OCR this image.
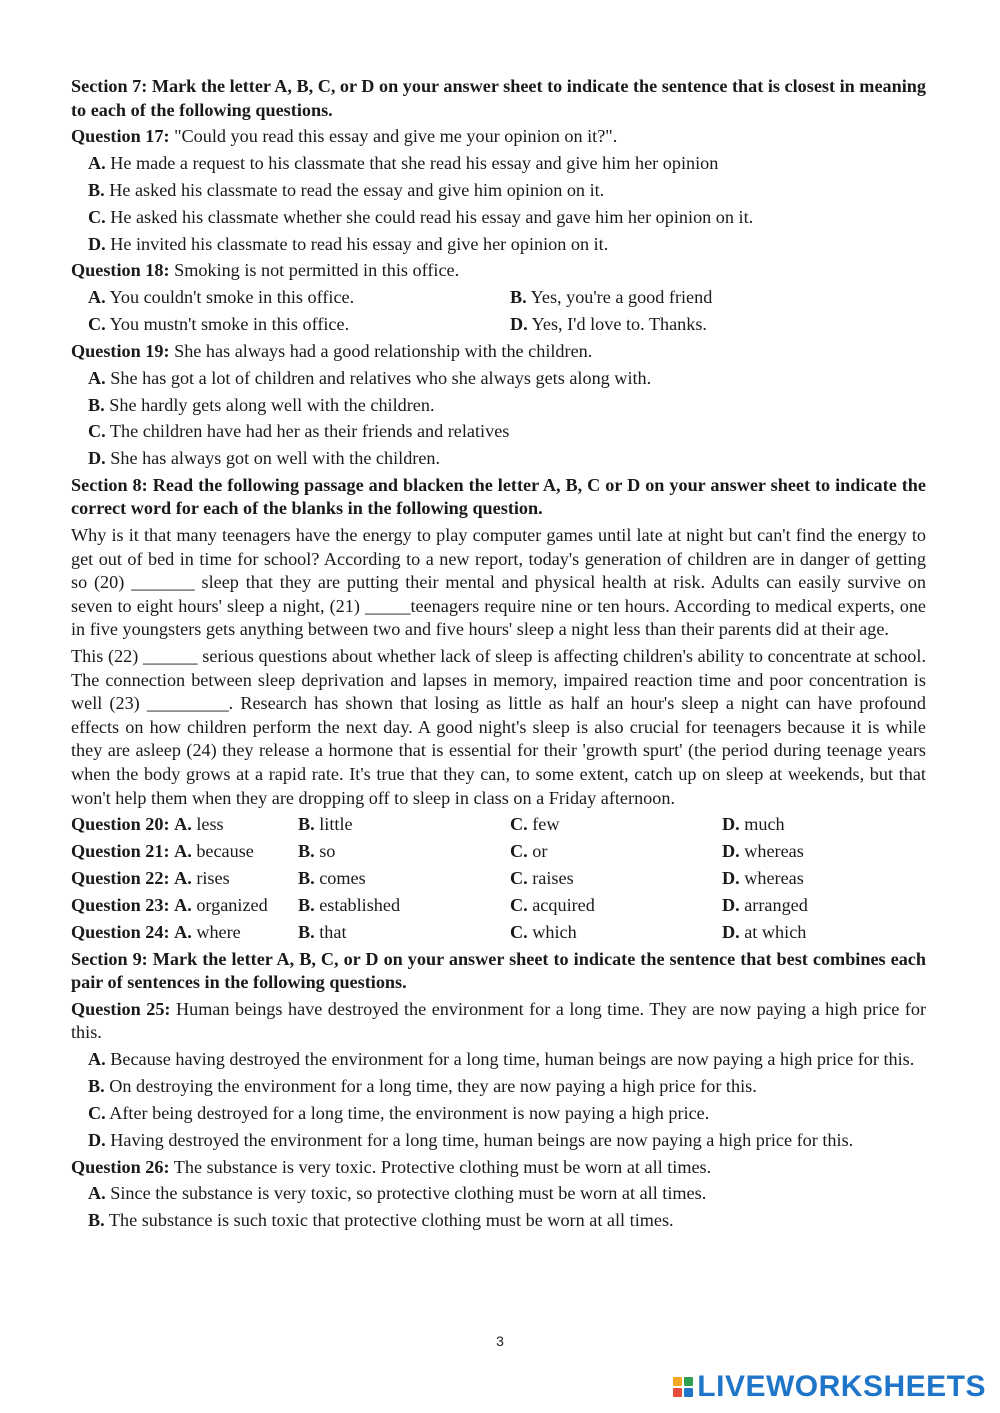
Section 7: Mark the letter A, B, C, or D on your answer sheet to indicate the sentence that is closest in meaning to each of the following questions.
Question 17: "Could you read this essay and give me your opinion on it?".
A. He made a request to his classmate that she read his essay and give him her opinion
B. He asked his classmate to read the essay and give him opinion on it.
C. He asked his classmate whether she could read his essay and gave him her opinion on it.
D. He invited his classmate to read his essay and give her opinion on it.
Question 18: Smoking is not permitted in this office.
A. You couldn't smoke in this office.	B. Yes, you're a good friend
C. You mustn't smoke in this office.	D. Yes, I'd love to. Thanks.
Question 19: She has always had a good relationship with the children.
A. She has got a lot of children and relatives who she always gets along with.
B. She hardly gets along well with the children.
C. The children have had her as their friends and relatives
D. She has always got on well with the children.
Section 8: Read the following passage and blacken the letter A, B, C or D on your answer sheet to indicate the correct word for each of the blanks in the following question.
Why is it that many teenagers have the energy to play computer games until late at night but can't find the energy to get out of bed in time for school? According to a new report, today's generation of children are in danger of getting so (20) _______ sleep that they are putting their mental and physical health at risk. Adults can easily survive on seven to eight hours' sleep a night, (21) _____teenagers require nine or ten hours. According to medical experts, one in five youngsters gets anything between two and five hours' sleep a night less than their parents did at their age.
This (22) ______ serious questions about whether lack of sleep is affecting children's ability to concentrate at school. The connection between sleep deprivation and lapses in memory, impaired reaction time and poor concentration is well (23) _________. Research has shown that losing as little as half an hour's sleep a night can have profound effects on how children perform the next day. A good night's sleep is also crucial for teenagers because it is while they are asleep (24) they release a hormone that is essential for their 'growth spurt' (the period during teenage years when the body grows at a rapid rate. It's true that they can, to some extent, catch up on sleep at weekends, but that won't help them when they are dropping off to sleep in class on a Friday afternoon.
Question 20: A. less	B. little	C. few	D. much
Question 21: A. because	B. so	C. or	D. whereas
Question 22: A. rises	B. comes	C. raises	D. whereas
Question 23: A. organized	B. established	C. acquired	D. arranged
Question 24: A. where	B. that	C. which	D. at which
Section 9: Mark the letter A, B, C, or D on your answer sheet to indicate the sentence that best combines each pair of sentences in the following questions.
Question 25: Human beings have destroyed the environment for a long time. They are now paying a high price for this.
A. Because having destroyed the environment for a long time, human beings are now paying a high price for this.
B. On destroying the environment for a long time, they are now paying a high price for this.
C. After being destroyed for a long time, the environment is now paying a high price.
D. Having destroyed the environment for a long time, human beings are now paying a high price for this.
Question 26: The substance is very toxic. Protective clothing must be worn at all times.
A. Since the substance is very toxic, so protective clothing must be worn at all times.
B. The substance is such toxic that protective clothing must be worn at all times.
3
LIVEWORKSHEETS
